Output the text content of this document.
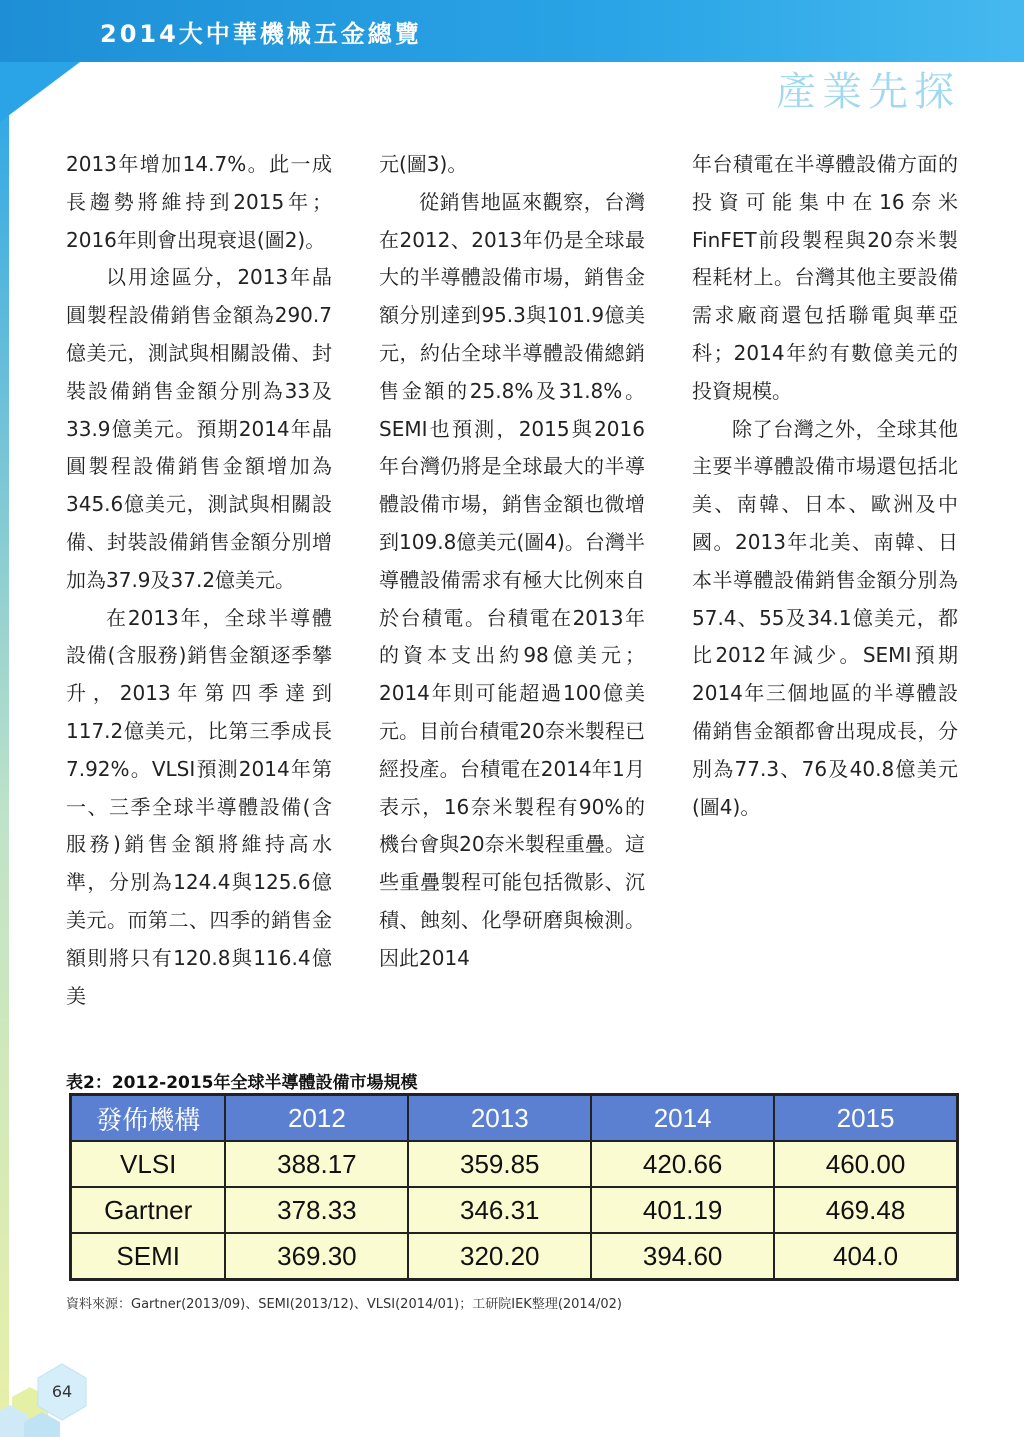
2014大中華機械五金總覽
產業先探

2013年增加14.7%。此一成長趨勢將維持到2015年；2016年則會出現衰退(圖2)。

以用途區分，2013年晶圓製程設備銷售金額為290.7億美元，測試與相關設備、封裝設備銷售金額分別為33及33.9億美元。預期2014年晶圓製程設備銷售金額增加為345.6億美元，測試與相關設備、封裝設備銷售金額分別增加為37.9及37.2億美元。

在2013年，全球半導體設備(含服務)銷售金額逐季攀升，2013年第四季達到117.2億美元，比第三季成長7.92%。VLSI預測2014年第一、三季全球半導體設備(含服務)銷售金額將維持高水準，分別為124.4與125.6億美元。而第二、四季的銷售金額則將只有120.8與116.4億美

元(圖3)。

從銷售地區來觀察，台灣在2012、2013年仍是全球最大的半導體設備市場，銷售金額分別達到95.3與101.9億美元，約佔全球半導體設備總銷售金額的25.8%及31.8%。SEMI也預測，2015與2016年台灣仍將是全球最大的半導體設備市場，銷售金額也微增到109.8億美元(圖4)。台灣半導體設備需求有極大比例來自於台積電。台積電在2013年的資本支出約98億美元；2014年則可能超過100億美元。目前台積電20奈米製程已經投產。台積電在2014年1月表示，16奈米製程有90%的機台會與20奈米製程重疊。這些重疊製程可能包括微影、沉積、蝕刻、化學研磨與檢測。因此2014

年台積電在半導體設備方面的投資可能集中在16奈米FinFET前段製程與20奈米製程耗材上。台灣其他主要設備需求廠商還包括聯電與華亞科；2014年約有數億美元的投資規模。

除了台灣之外，全球其他主要半導體設備市場還包括北美、南韓、日本、歐洲及中國。2013年北美、南韓、日本半導體設備銷售金額分別為57.4、55及34.1億美元，都比2012年減少。SEMI預期2014年三個地區的半導體設備銷售金額都會出現成長，分別為77.3、76及40.8億美元(圖4)。

表2：2012-2015年全球半導體設備市場規模
發佈機構	2012	2013	2014	2015
VLSI	388.17	359.85	420.66	460.00
Gartner	378.33	346.31	401.19	469.48
SEMI	369.30	320.20	394.60	404.0
資料來源：Gartner(2013/09)、SEMI(2013/12)、VLSI(2014/01)；工研院IEK整理(2014/02)
64
